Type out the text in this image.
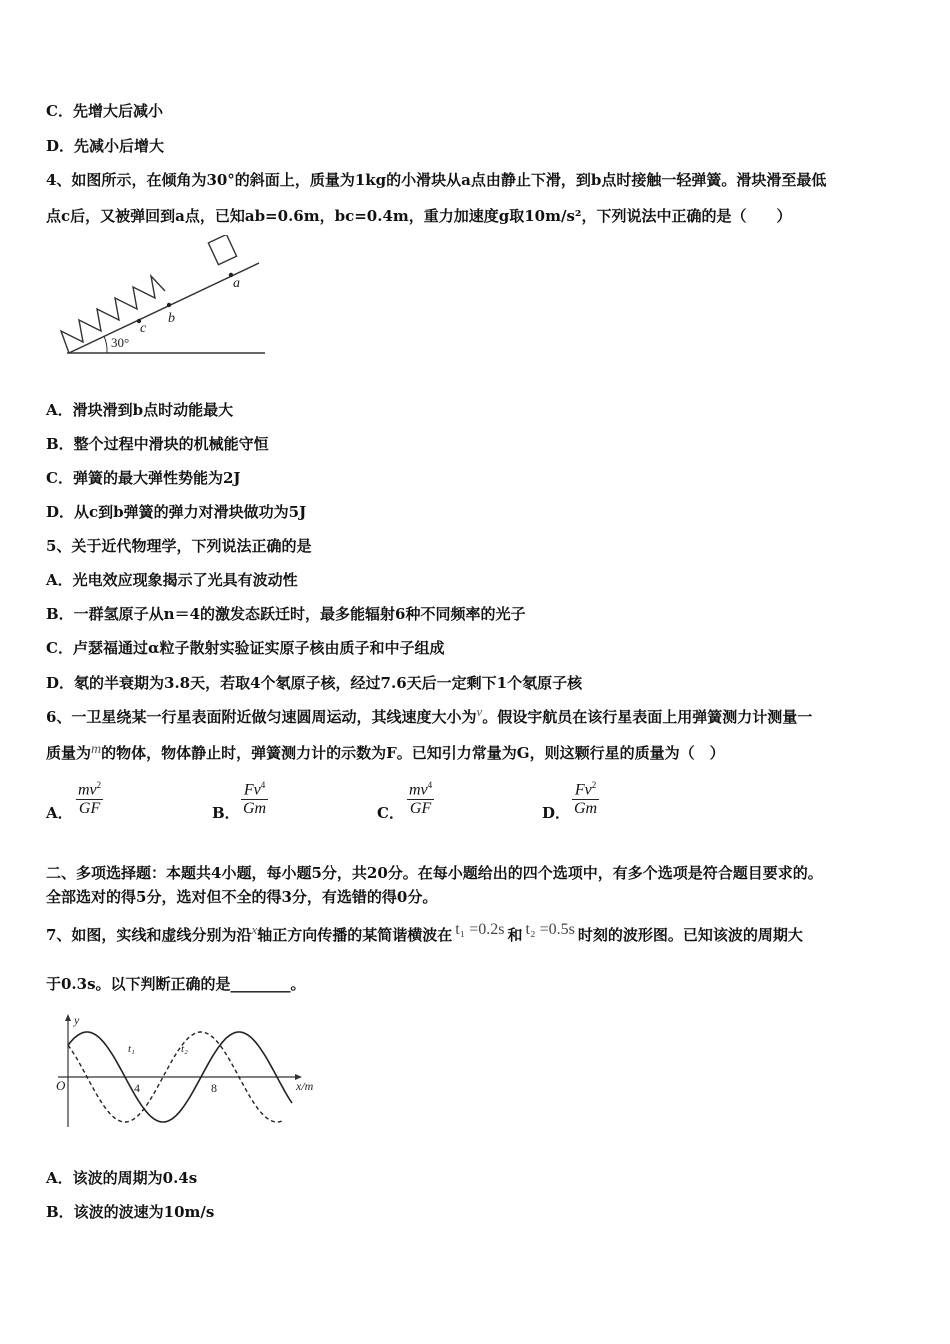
C．先增大后减小
D．先减小后增大
4、如图所示，在倾角为30°的斜面上，质量为1kg的小滑块从a点由静止下滑，到b点时接触一轻弹簧。滑块滑至最低
点c后，又被弹回到a点，已知ab=0.6m，bc=0.4m，重力加速度g取10m/s²，下列说法中正确的是（　　）
30°
c
b
a
A．滑块滑到b点时动能最大
B．整个过程中滑块的机械能守恒
C．弹簧的最大弹性势能为2J
D．从c到b弹簧的弹力对滑块做功为5J
5、关于近代物理学，下列说法正确的是
A．光电效应现象揭示了光具有波动性
B．一群氢原子从n＝4的激发态跃迁时，最多能辐射6种不同频率的光子
C．卢瑟福通过α粒子散射实验证实原子核由质子和中子组成
D．氡的半衰期为3.8天，若取4个氡原子核，经过7.6天后一定剩下1个氡原子核
6、一卫星绕某一行星表面附近做匀速圆周运动，其线速度大小为v。假设宇航员在该行星表面上用弹簧测力计测量一
质量为m的物体，物体静止时，弹簧测力计的示数为F。已知引力常量为G，则这颗行星的质量为（　）
A． $\frac{mv^2}{GF}$	B． $\frac{Fv^4}{Gm}$	C． $\frac{mv^4}{GF}$	D． $\frac{Fv^2}{Gm}$
二、多项选择题：本题共4小题，每小题5分，共20分。在每小题给出的四个选项中，有多个选项是符合题目要求的。
全部选对的得5分，选对但不全的得3分，有选错的得0分。
7、如图，实线和虚线分别为沿x轴正方向传播的某简谐横波在 t₁ =0.2s 和 t₂ =0.5s 时刻的波形图。已知该波的周期大
于0.3s。以下判断正确的是________。
y
x/m
O	4	8
t₁	t₂
A．该波的周期为0.4s
B．该波的波速为10m/s
